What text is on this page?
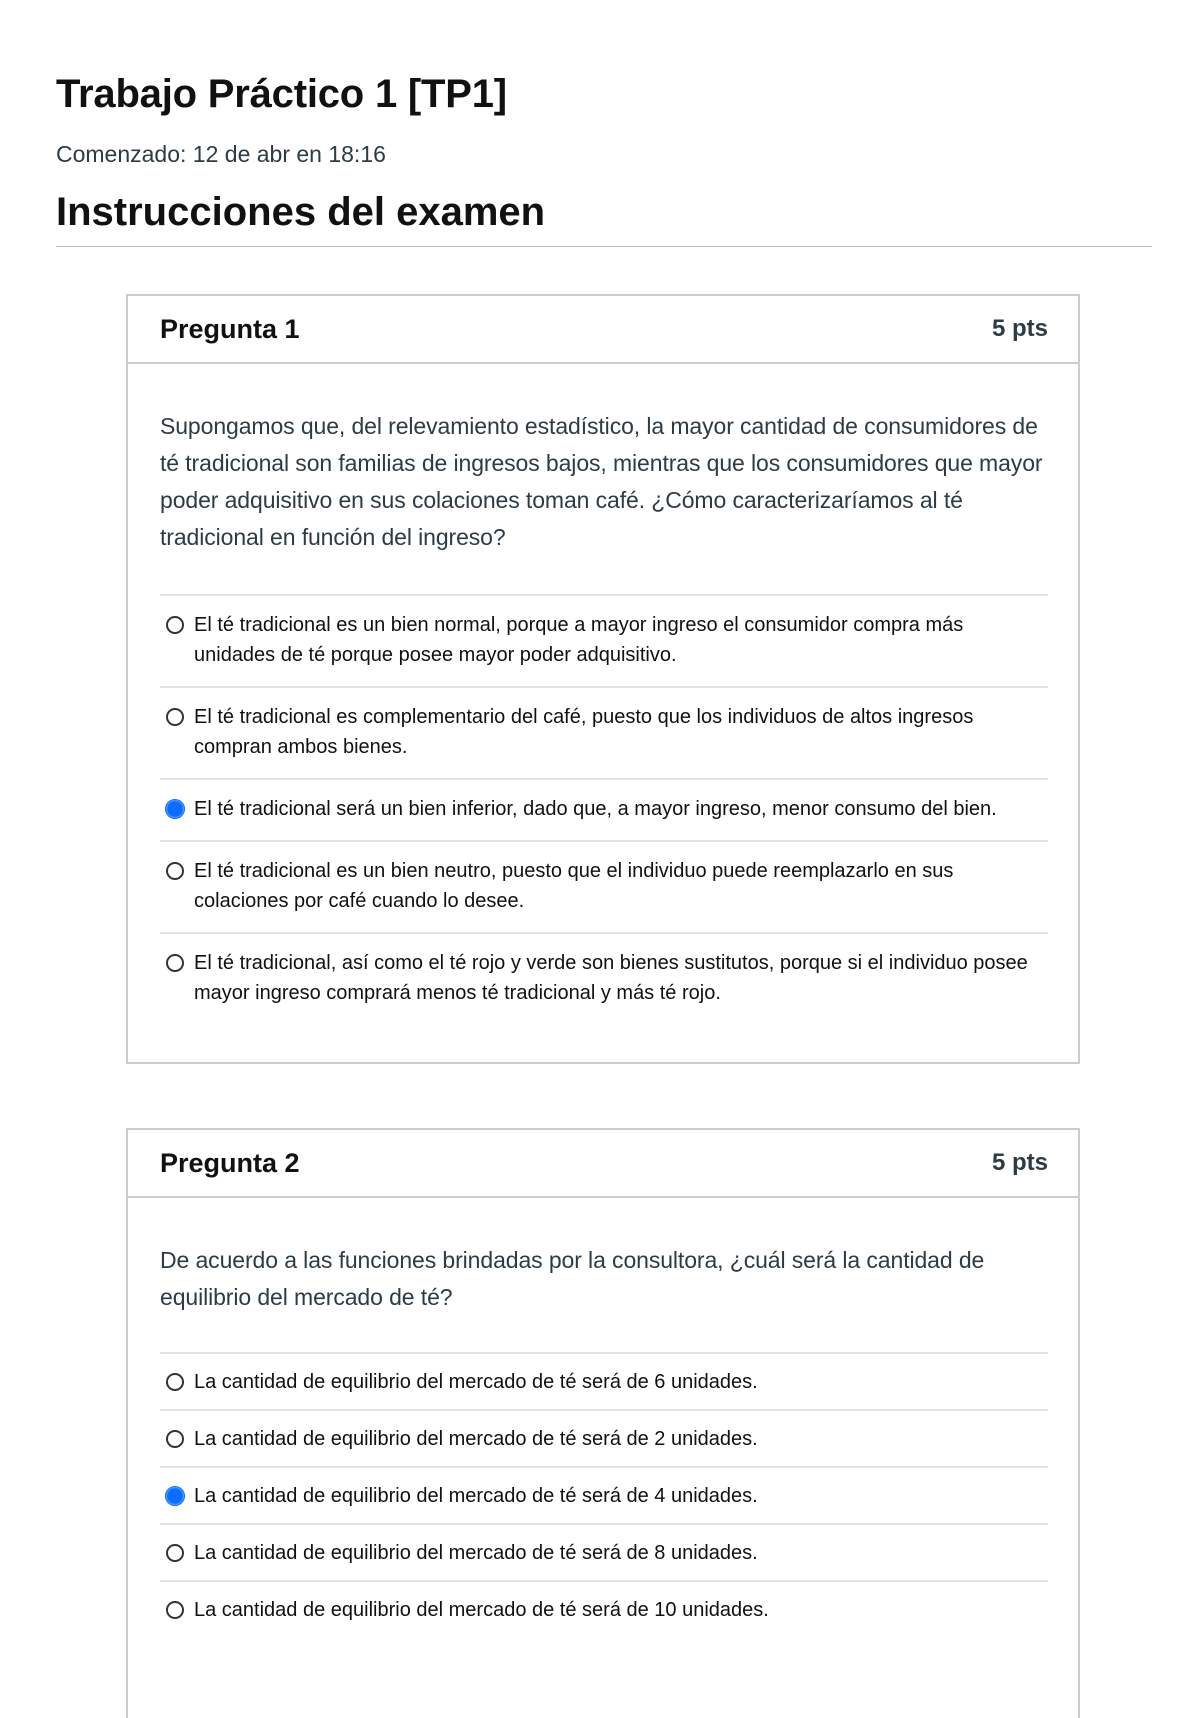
Trabajo Práctico 1 [TP1]
Comenzado: 12 de abr en 18:16
Instrucciones del examen
Pregunta 1	5 pts

Supongamos que, del relevamiento estadístico, la mayor cantidad de consumidores de té tradicional son familias de ingresos bajos, mientras que los consumidores que mayor poder adquisitivo en sus colaciones toman café. ¿Cómo caracterizaríamos al té tradicional en función del ingreso?

El té tradicional es un bien normal, porque a mayor ingreso el consumidor compra más unidades de té porque posee mayor poder adquisitivo.
El té tradicional es complementario del café, puesto que los individuos de altos ingresos compran ambos bienes.
El té tradicional será un bien inferior, dado que, a mayor ingreso, menor consumo del bien.
El té tradicional es un bien neutro, puesto que el individuo puede reemplazarlo en sus colaciones por café cuando lo desee.
El té tradicional, así como el té rojo y verde son bienes sustitutos, porque si el individuo posee mayor ingreso comprará menos té tradicional y más té rojo.
Pregunta 2	5 pts

De acuerdo a las funciones brindadas por la consultora, ¿cuál será la cantidad de equilibrio del mercado de té?

La cantidad de equilibrio del mercado de té será de 6 unidades.
La cantidad de equilibrio del mercado de té será de 2 unidades.
La cantidad de equilibrio del mercado de té será de 4 unidades.
La cantidad de equilibrio del mercado de té será de 8 unidades.
La cantidad de equilibrio del mercado de té será de 10 unidades.
